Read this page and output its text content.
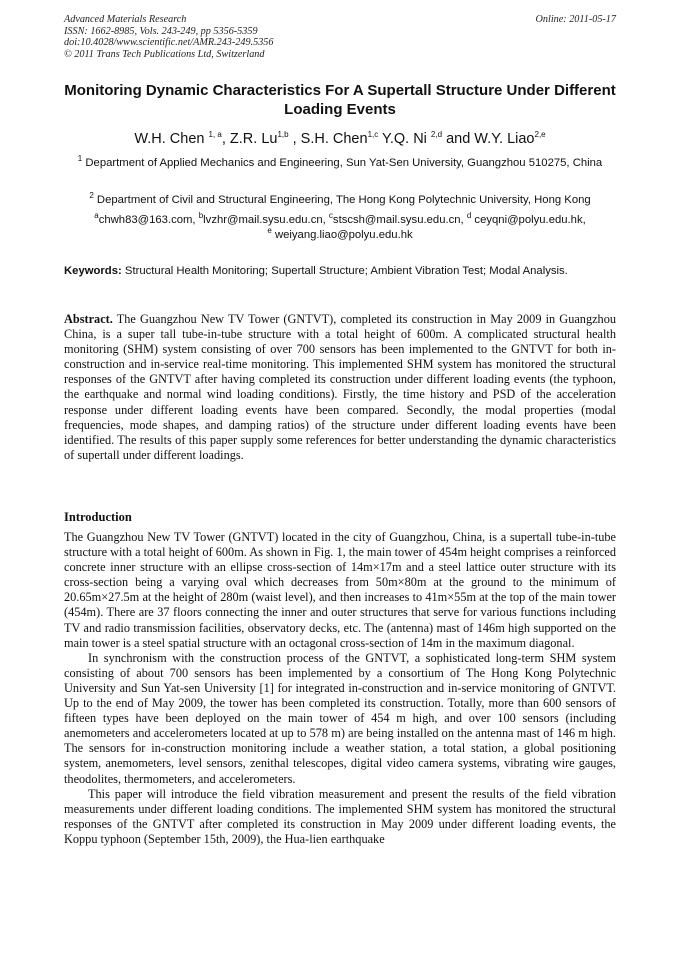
Advanced Materials Research
ISSN: 1662-8985, Vols. 243-249, pp 5356-5359
doi:10.4028/www.scientific.net/AMR.243-249.5356
© 2011 Trans Tech Publications Ltd, Switzerland
Online: 2011-05-17
Monitoring Dynamic Characteristics For A Supertall Structure Under Different Loading Events
W.H. Chen $^{1, a}$, Z.R. Lu$^{1,b}$ , S.H. Chen$^{1,c}$ Y.Q. Ni $^{2,d}$ and W.Y. Liao$^{2,e}$
$^1$ Department of Applied Mechanics and Engineering, Sun Yat-Sen University, Guangzhou 510275, China
$^2$ Department of Civil and Structural Engineering, The Hong Kong Polytechnic University, Hong Kong
$^a$chwh83@163.com, $^b$lvzhr@mail.sysu.edu.cn, $^c$stscsh@mail.sysu.edu.cn, $^d$ ceyqni@polyu.edu.hk,
$^e$ weiyang.liao@polyu.edu.hk
Keywords: Structural Health Monitoring; Supertall Structure; Ambient Vibration Test; Modal Analysis.
Abstract. The Guangzhou New TV Tower (GNTVT), completed its construction in May 2009 in Guangzhou China, is a super tall tube-in-tube structure with a total height of 600m. A complicated structural health monitoring (SHM) system consisting of over 700 sensors has been implemented to the GNTVT for both in-construction and in-service real-time monitoring. This implemented SHM system has monitored the structural responses of the GNTVT after having completed its construction under different loading events (the typhoon, the earthquake and normal wind loading conditions). Firstly, the time history and PSD of the acceleration response under different loading events have been compared. Secondly, the modal properties (modal frequencies, mode shapes, and damping ratios) of the structure under different loading events have been identified. The results of this paper supply some references for better understanding the dynamic characteristics of supertall under different loadings.
Introduction

The Guangzhou New TV Tower (GNTVT) located in the city of Guangzhou, China, is a supertall tube-in-tube structure with a total height of 600m. As shown in Fig. 1, the main tower of 454m height comprises a reinforced concrete inner structure with an ellipse cross-section of 14m×17m and a steel lattice outer structure with its cross-section being a varying oval which decreases from 50m×80m at the ground to the minimum of 20.65m×27.5m at the height of 280m (waist level), and then increases to 41m×55m at the top of the main tower (454m). There are 37 floors connecting the inner and outer structures that serve for various functions including TV and radio transmission facilities, observatory decks, etc. The (antenna) mast of 146m high supported on the main tower is a steel spatial structure with an octagonal cross-section of 14m in the maximum diagonal.

In synchronism with the construction process of the GNTVT, a sophisticated long-term SHM system consisting of about 700 sensors has been implemented by a consortium of The Hong Kong Polytechnic University and Sun Yat-sen University [1] for integrated in-construction and in-service monitoring of GNTVT. Up to the end of May 2009, the tower has been completed its construction. Totally, more than 600 sensors of fifteen types have been deployed on the main tower of 454 m high, and over 100 sensors (including anemometers and accelerometers located at up to 578 m) are being installed on the antenna mast of 146 m high. The sensors for in-construction monitoring include a weather station, a total station, a global positioning system, anemometers, level sensors, zenithal telescopes, digital video camera systems, vibrating wire gauges, theodolites, thermometers, and accelerometers.

This paper will introduce the field vibration measurement and present the results of the field vibration measurements under different loading conditions. The implemented SHM system has monitored the structural responses of the GNTVT after completed its construction in May 2009 under different loading events, the Koppu typhoon (September 15th, 2009), the Hua-lien earthquake
